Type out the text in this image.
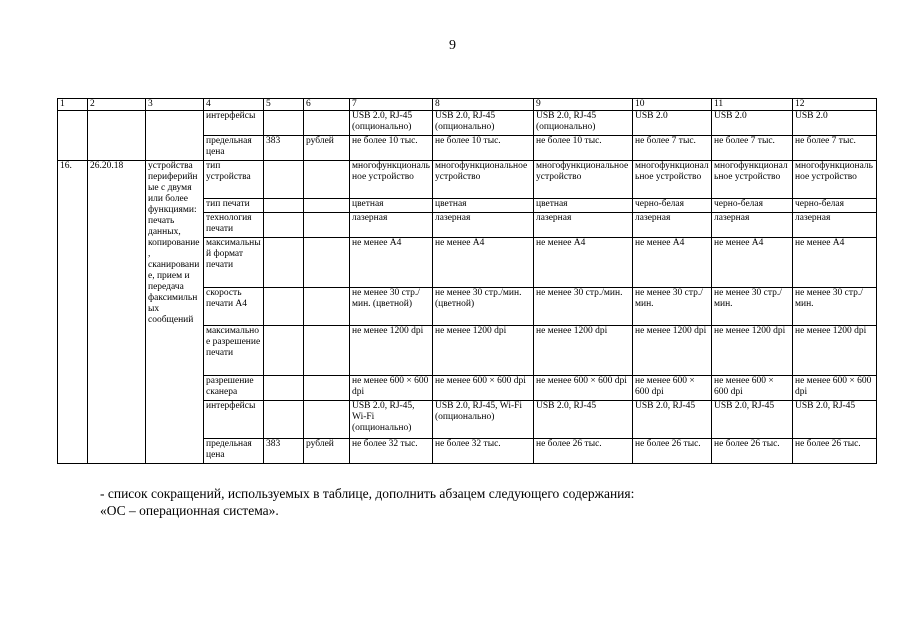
9
1	2	3	4	5	6	7	8	9	10	11	12
			интерфейсы			USB 2.0, RJ-45 (опционально)	USB 2.0, RJ-45 (опционально)	USB 2.0, RJ-45 (опционально)	USB 2.0	USB 2.0	USB 2.0
			предельная цена	383	рублей	не более 10 тыс.	не более 10 тыс.	не более 10 тыс.	не более 7 тыс.	не более 7 тыс.	не более 7 тыс.
16.	26.20.18	устройства периферийные с двумя или более функциями: печать данных, копирование, сканирование, прием и передача факсимильных сообщений	тип устройства			многофункциональное устройство	многофункциональное устройство	многофункциональное устройство	многофункциональное устройство	многофункциональное устройство	многофункциональное устройство
			тип печати			цветная	цветная	цветная	черно-белая	черно-белая	черно-белая
			технология печати			лазерная	лазерная	лазерная	лазерная	лазерная	лазерная
			максимальный формат печати			не менее А4	не менее А4	не менее А4	не менее А4	не менее А4	не менее А4
			скорость печати А4			не менее 30 стр./мин. (цветной)	не менее 30 стр./мин. (цветной)	не менее 30 стр./мин.	не менее 30 стр./мин.	не менее 30 стр./мин.	не менее 30 стр./мин.
			максимальное разрешение печати			не менее 1200 dpi	не менее 1200 dpi	не менее 1200 dpi	не менее 1200 dpi	не менее 1200 dpi	не менее 1200 dpi
			разрешение сканера			не менее 600 × 600 dpi	не менее 600 × 600 dpi	не менее 600 × 600 dpi	не менее 600 × 600 dpi	не менее 600 × 600 dpi	не менее 600 × 600 dpi
			интерфейсы			USB 2.0, RJ-45, Wi-Fi (опционально)	USB 2.0, RJ-45, Wi-Fi (опционально)	USB 2.0, RJ-45	USB 2.0, RJ-45	USB 2.0, RJ-45	USB 2.0, RJ-45
			предельная цена	383	рублей	не более 32 тыс.	не более 32 тыс.	не более 26 тыс.	не более 26 тыс.	не более 26 тыс.	не более 26 тыс.
- список сокращений, используемых в таблице, дополнить абзацем следующего содержания:
«ОС – операционная система».
